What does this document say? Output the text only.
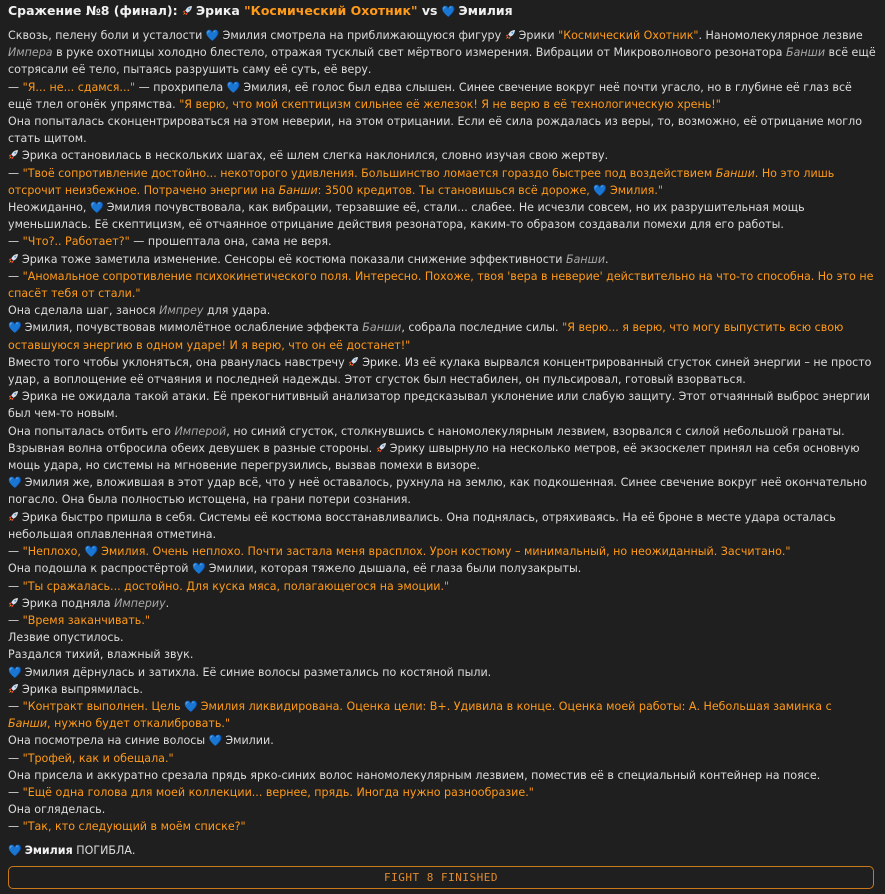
Сражение №8 (финал): Эрика "Космический Охотник" vs 💙 Эмилия
Сквозь, пелену боли и усталости 💙 Эмилия смотрела на приближающуюся фигуру Эрики "Космический Охотник". Наномолекулярное лезвие Импера в руке охотницы холодно блестело, отражая тусклый свет мёртвого измерения. Вибрации от Микроволнового резонатора Банши всё ещё сотрясали её тело, пытаясь разрушить саму её суть, её веру.
— "Я... не... сдамся..." — прохрипела 💙 Эмилия, её голос был едва слышен. Синее свечение вокруг неё почти угасло, но в глубине её глаз всё ещё тлел огонёк упрямства. "Я верю, что мой скептицизм сильнее её железок! Я не верю в её технологическую хрень!"
Она попыталась сконцентрироваться на этом неверии, на этом отрицании. Если её сила рождалась из веры, то, возможно, её отрицание могло стать щитом.
Эрика остановилась в нескольких шагах, её шлем слегка наклонился, словно изучая свою жертву.
— "Твоё сопротивление достойно... некоторого удивления. Большинство ломается гораздо быстрее под воздействием Банши. Но это лишь отсрочит неизбежное. Потрачено энергии на Банши: 3500 кредитов. Ты становишься всё дороже, 💙 Эмилия."
Неожиданно, 💙 Эмилия почувствовала, как вибрации, терзавшие её, стали... слабее. Не исчезли совсем, но их разрушительная мощь уменьшилась. Её скептицизм, её отчаянное отрицание действия резонатора, каким-то образом создавали помехи для его работы.
— "Что?.. Работает?" — прошептала она, сама не веря.
Эрика тоже заметила изменение. Сенсоры её костюма показали снижение эффективности Банши.
— "Аномальное сопротивление психокинетического поля. Интересно. Похоже, твоя 'вера в неверие' действительно на что-то способна. Но это не спасёт тебя от стали."
Она сделала шаг, занося Импреу для удара.
💙 Эмилия, почувствовав мимолётное ослабление эффекта Банши, собрала последние силы. "Я верю... я верю, что могу выпустить всю свою оставшуюся энергию в одном ударе! И я верю, что он её достанет!"
Вместо того чтобы уклоняться, она рванулась навстречу Эрике. Из её кулака вырвался концентрированный сгусток синей энергии – не просто удар, а воплощение её отчаяния и последней надежды. Этот сгусток был нестабилен, он пульсировал, готовый взорваться.
Эрика не ожидала такой атаки. Её прекогнитивный анализатор предсказывал уклонение или слабую защиту. Этот отчаянный выброс энергии был чем-то новым.
Она попыталась отбить его Имперой, но синий сгусток, столкнувшись с наномолекулярным лезвием, взорвался с силой небольшой гранаты.
Взрывная волна отбросила обеих девушек в разные стороны. Эрику швырнуло на несколько метров, её экзоскелет принял на себя основную мощь удара, но системы на мгновение перегрузились, вызвав помехи в визоре.
💙 Эмилия же, вложившая в этот удар всё, что у неё оставалось, рухнула на землю, как подкошенная. Синее свечение вокруг неё окончательно погасло. Она была полностью истощена, на грани потери сознания.
Эрика быстро пришла в себя. Системы её костюма восстанавливались. Она поднялась, отряхиваясь. На её броне в месте удара осталась небольшая оплавленная отметина.
— "Неплохо, 💙 Эмилия. Очень неплохо. Почти застала меня врасплох. Урон костюму – минимальный, но неожиданный. Засчитано."
Она подошла к распростёртой 💙 Эмилии, которая тяжело дышала, её глаза были полузакрыты.
— "Ты сражалась... достойно. Для куска мяса, полагающегося на эмоции."
Эрика подняла Империу.
— "Время заканчивать."
Лезвие опустилось.
Раздался тихий, влажный звук.
💙 Эмилия дёрнулась и затихла. Её синие волосы разметались по костяной пыли.
Эрика выпрямилась.
— "Контракт выполнен. Цель 💙 Эмилия ликвидирована. Оценка цели: B+. Удивила в конце. Оценка моей работы: А. Небольшая заминка с Банши, нужно будет откалибровать."
Она посмотрела на синие волосы 💙 Эмилии.
— "Трофей, как и обещала."
Она присела и аккуратно срезала прядь ярко-синих волос наномолекулярным лезвием, поместив её в специальный контейнер на поясе.
— "Ещё одна голова для моей коллекции... вернее, прядь. Иногда нужно разнообразие."
Она огляделась.
— "Так, кто следующий в моём списке?"
💙 Эмилия ПОГИБЛА.
FIGHT 8 FINISHED
